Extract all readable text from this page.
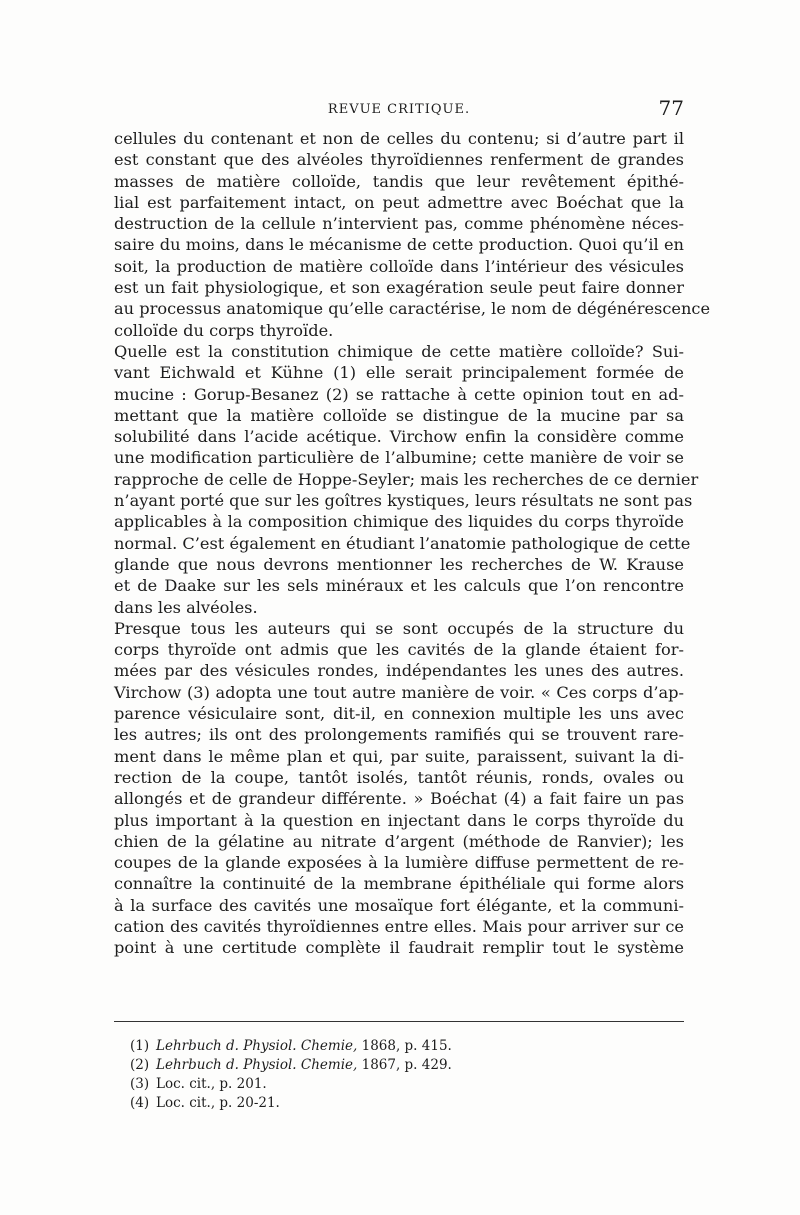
REVUE CRITIQUE.	77

cellules du contenant et non de celles du contenu; si d’autre part il
est constant que des alvéoles thyroïdiennes renferment de grandes
masses de matière colloïde, tandis que leur revêtement épithé-
lial est parfaitement intact, on peut admettre avec Boéchat que la
destruction de la cellule n’intervient pas, comme phénomène néces-
saire du moins, dans le mécanisme de cette production. Quoi qu’il en
soit, la production de matière colloïde dans l’intérieur des vésicules
est un fait physiologique, et son exagération seule peut faire donner
au processus anatomique qu’elle caractérise, le nom de dégénérescence
colloïde du corps thyroïde.

Quelle est la constitution chimique de cette matière colloïde? Sui-
vant Eichwald et Kühne (1) elle serait principalement formée de
mucine : Gorup-Besanez (2) se rattache à cette opinion tout en ad-
mettant que la matière colloïde se distingue de la mucine par sa
solubilité dans l’acide acétique. Virchow enfin la considère comme
une modification particulière de l’albumine; cette manière de voir se
rapproche de celle de Hoppe-Seyler; mais les recherches de ce dernier
n’ayant porté que sur les goîtres kystiques, leurs résultats ne sont pas
applicables à la composition chimique des liquides du corps thyroïde
normal. C’est également en étudiant l’anatomie pathologique de cette
glande que nous devrons mentionner les recherches de W. Krause
et de Daake sur les sels minéraux et les calculs que l’on rencontre
dans les alvéoles.

Presque tous les auteurs qui se sont occupés de la structure du
corps thyroïde ont admis que les cavités de la glande étaient for-
mées par des vésicules rondes, indépendantes les unes des autres.
Virchow (3) adopta une tout autre manière de voir. « Ces corps d’ap-
parence vésiculaire sont, dit-il, en connexion multiple les uns avec
les autres; ils ont des prolongements ramifiés qui se trouvent rare-
ment dans le même plan et qui, par suite, paraissent, suivant la di-
rection de la coupe, tantôt isolés, tantôt réunis, ronds, ovales ou
allongés et de grandeur différente. » Boéchat (4) a fait faire un pas
plus important à la question en injectant dans le corps thyroïde du
chien de la gélatine au nitrate d’argent (méthode de Ranvier); les
coupes de la glande exposées à la lumière diffuse permettent de re-
connaître la continuité de la membrane épithéliale qui forme alors
à la surface des cavités une mosaïque fort élégante, et la communi-
cation des cavités thyroïdiennes entre elles. Mais pour arriver sur ce
point à une certitude complète il faudrait remplir tout le système

(1) Lehrbuch d. Physiol. Chemie, 1868, p. 415.
(2) Lehrbuch d. Physiol. Chemie, 1867, p. 429.
(3) Loc. cit., p. 201.
(4) Loc. cit., p. 20-21.
